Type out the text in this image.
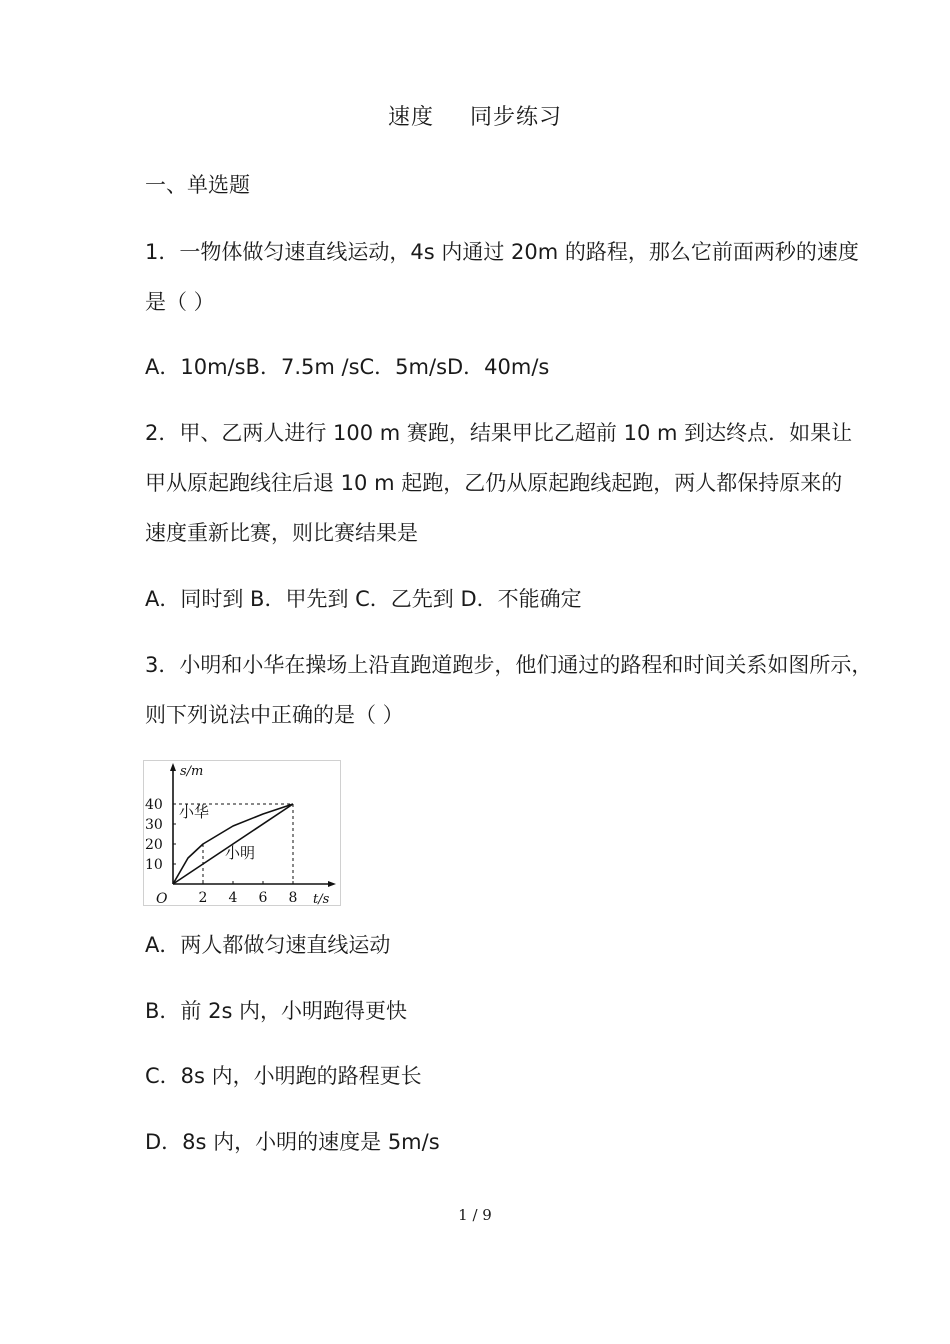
速度 同步练习
一、单选题
1．一物体做匀速直线运动，4s 内通过 20m 的路程，那么它前面两秒的速度
是（ ）
A．10m/sB．7.5m /sC．5m/sD．40m/s
2．甲、乙两人进行 100 m 赛跑，结果甲比乙超前 10 m 到达终点．如果让
甲从原起跑线往后退 10 m 起跑，乙仍从原起跑线起跑，两人都保持原来的
速度重新比赛，则比赛结果是
A．同时到 B．甲先到 C．乙先到 D．不能确定
3．小明和小华在操场上沿直跑道跑步，他们通过的路程和时间关系如图所示，
则下列说法中正确的是（ ）
s/m
t/s
O 2 4 6 8
10
20
30
40 小华
小明
A．两人都做匀速直线运动
B．前 2s 内，小明跑得更快
C．8s 内，小明跑的路程更长
D．8s 内，小明的速度是 5m/s
1 / 9
